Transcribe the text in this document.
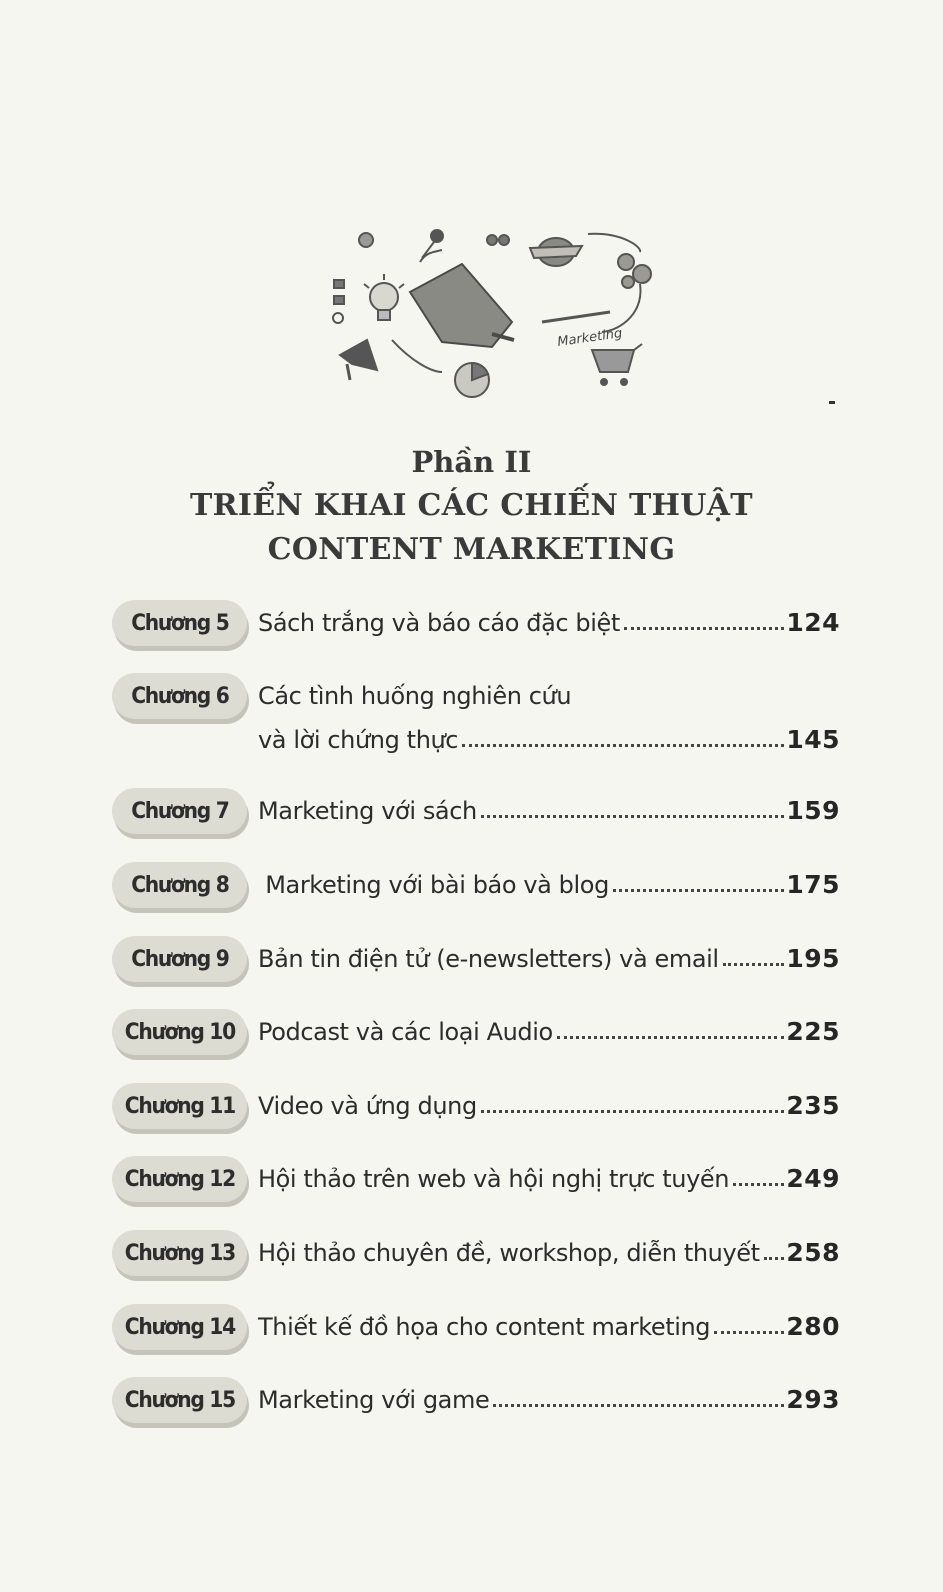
Marketing
Phần II
TRIỂN KHAI CÁC CHIẾN THUẬT
CONTENT MARKETING
Chương 5 Sách trắng và báo cáo đặc biệt	124
Chương 6 Các tình huống nghiên cứu
và lời chứng thực	145
Chương 7 Marketing với sách	159
Chương 8 Marketing với bài báo và blog	175
Chương 9 Bản tin điện tử (e-newsletters) và email	195
Chương 10 Podcast và các loại Audio	225
Chương 11 Video và ứng dụng	235
Chương 12 Hội thảo trên web và hội nghị trực tuyến 249
Chương 13 Hội thảo chuyên đề, workshop, diễn thuyết 258
Chương 14 Thiết kế đồ họa cho content marketing	280
Chương 15 Marketing với game	293
